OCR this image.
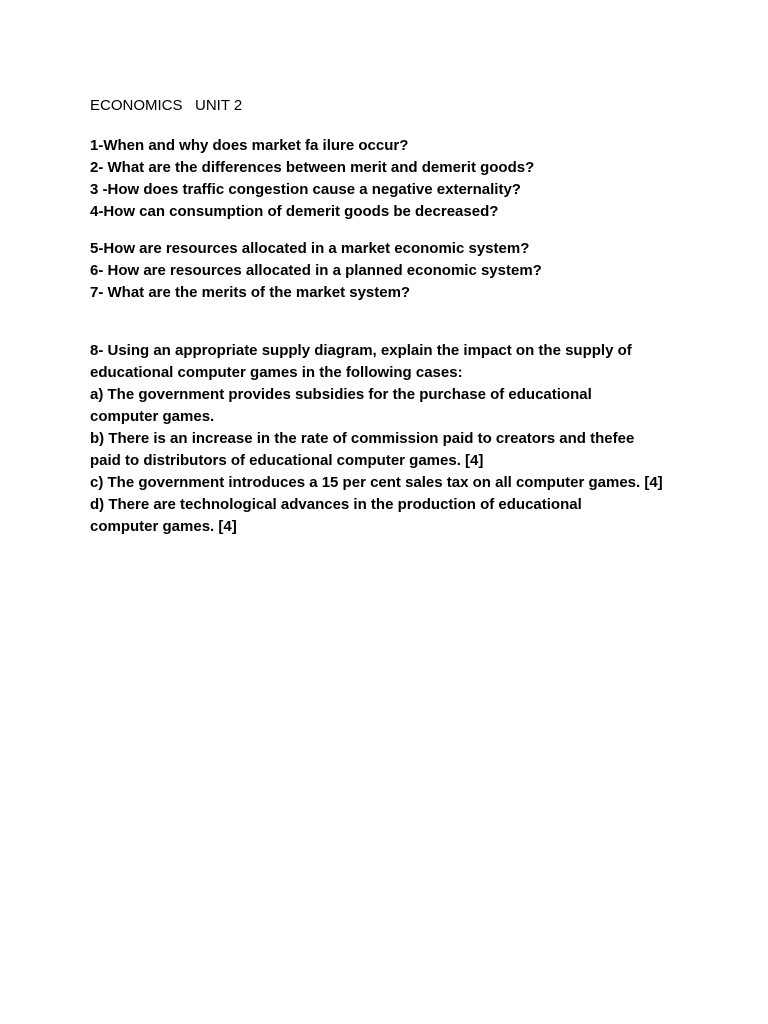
ECONOMICS   UNIT 2
1-When and why does market fa ilure occur?
2- What are the differences between merit and demerit goods?
3 -How does traffic congestion cause a negative externality?
4-How can consumption of demerit goods be decreased?
5-How are resources allocated in a market economic system?
6- How are resources allocated in a planned economic system?
7- What are the merits of the market system?
8- Using an appropriate supply diagram, explain the impact on the supply of
educational computer games in the following cases:
a) The government provides subsidies for the purchase of educational
computer games.
b) There is an increase in the rate of commission paid to creators and thefee
paid to distributors of educational computer games. [4]
c) The government introduces a 15 per cent sales tax on all computer games. [4]
d) There are technological advances in the production of educational
computer games. [4]
